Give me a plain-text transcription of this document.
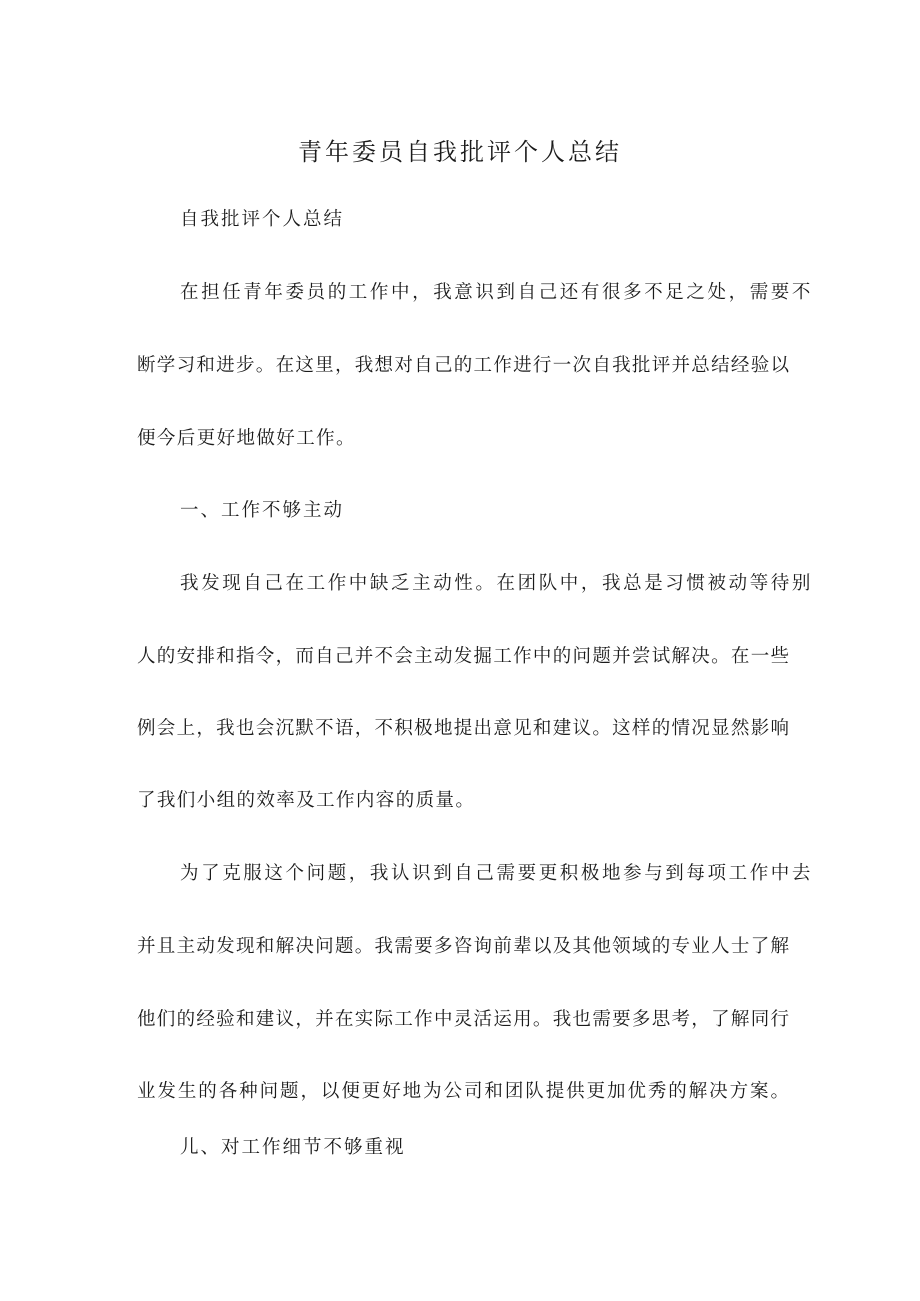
青年委员自我批评个人总结

自我批评个人总结

在担任青年委员的工作中，我意识到自己还有很多不足之处，需要不

断学习和进步。在这里，我想对自己的工作进行一次自我批评并总结经验以

便今后更好地做好工作。

一、工作不够主动

我发现自己在工作中缺乏主动性。在团队中，我总是习惯被动等待别

人的安排和指令，而自己并不会主动发掘工作中的问题并尝试解决。在一些

例会上，我也会沉默不语，不积极地提出意见和建议。这样的情况显然影响

了我们小组的效率及工作内容的质量。

为了克服这个问题，我认识到自己需要更积极地参与到每项工作中去

并且主动发现和解决问题。我需要多咨询前辈以及其他领域的专业人士了解

他们的经验和建议，并在实际工作中灵活运用。我也需要多思考，了解同行

业发生的各种问题，以便更好地为公司和团队提供更加优秀的解决方案。

儿、对工作细节不够重视
